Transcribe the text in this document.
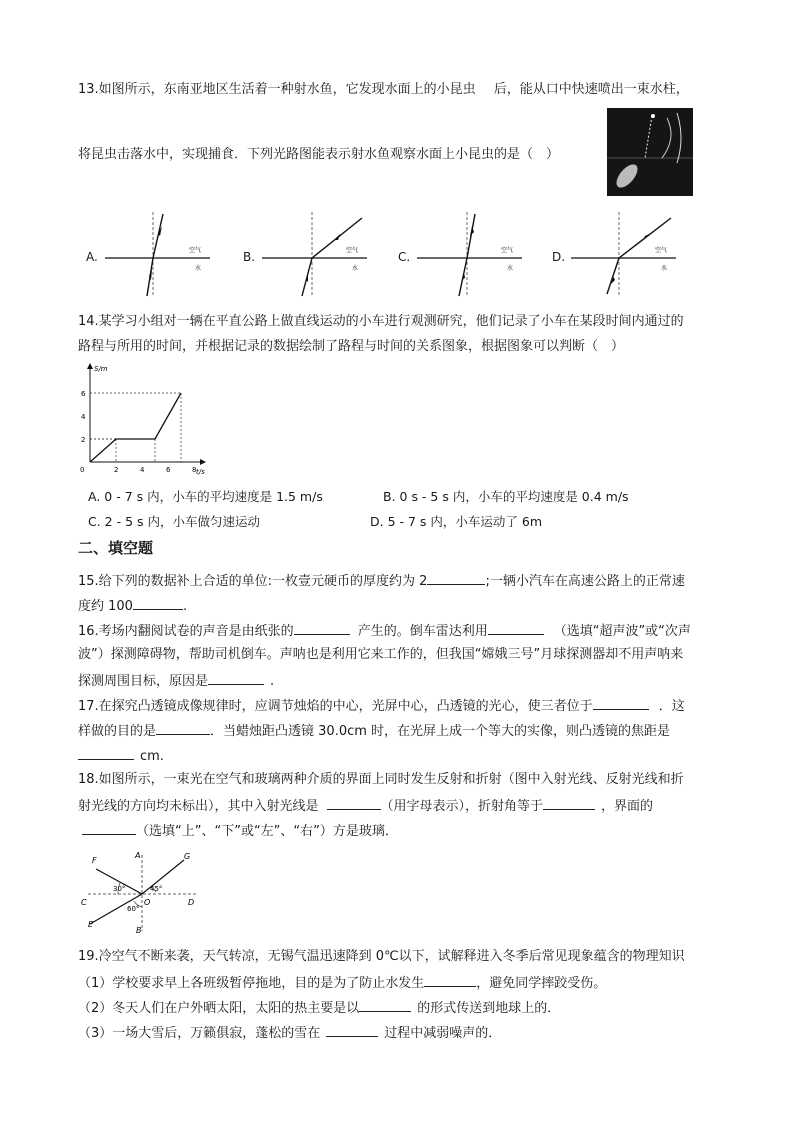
13.如图所示，东南亚地区生活着一种射水鱼，它发现水面上的小昆虫 后，能从口中快速喷出一束水柱，
将昆虫击落水中，实现捕食．下列光路图能表示射水鱼观察水面上小昆虫的是（　）
A.	空气
水
B.	空气
水
C.	空气
水
D.	空气
水
14.某学习小组对一辆在平直公路上做直线运动的小车进行观测研究，他们记录了小车在某段时间内通过的
路程与所用的时间，并根据记录的数据绘制了路程与时间的关系图象，根据图象可以判断（　）
0	2	4	6	8
2
4
6
t/s
S/m
A. 0 - 7 s 内，小车的平均速度是 1.5 m/s	B. 0 s - 5 s 内，小车的平均速度是 0.4 m/s
C. 2 - 5 s 内，小车做匀速运动	D. 5 - 7 s 内，小车运动了 6m
二、填空题
15.给下列的数据补上合适的单位:一枚壹元硬币的厚度约为 2	;一辆小汽车在高速公路上的正常速
度约 100	.
16.考场内翻阅试卷的声音是由纸张的	产生的。倒车雷达利用	（选填“超声波”或“次声
波”）探测障碍物，帮助司机倒车。声呐也是利用它来工作的，但我国“嫦娥三号”月球探测器却不用声呐来
探测周围目标，原因是	.
17.在探究凸透镜成像规律时，应调节烛焰的中心，光屏中心，凸透镜的光心，使三者位于	．这
样做的目的是	．当蜡烛距凸透镜 30.0cm 时，在光屏上成一个等大的实像，则凸透镜的焦距是
cm.
18.如图所示，一束光在空气和玻璃两种介质的界面上同时发生反射和折射（图中入射光线、反射光线和折
射光线的方向均未标出），其中入射光线是	（用字母表示），折射角等于	，界面的
（选填“上”、“下”或“左”、“右”）方是玻璃．
F
A	G
C	D
E
B
O
30°	45°
60°
19.冷空气不断来袭，天气转凉，无锡气温迅速降到 0℃以下，试解释进入冬季后常见现象蕴含的物理知识
（1）学校要求早上各班级暂停拖地，目的是为了防止水发生	，避免同学摔跤受伤。
（2）冬天人们在户外晒太阳，太阳的热主要是以	的形式传送到地球上的．
（3）一场大雪后，万籁俱寂，蓬松的雪在	过程中减弱噪声的．
